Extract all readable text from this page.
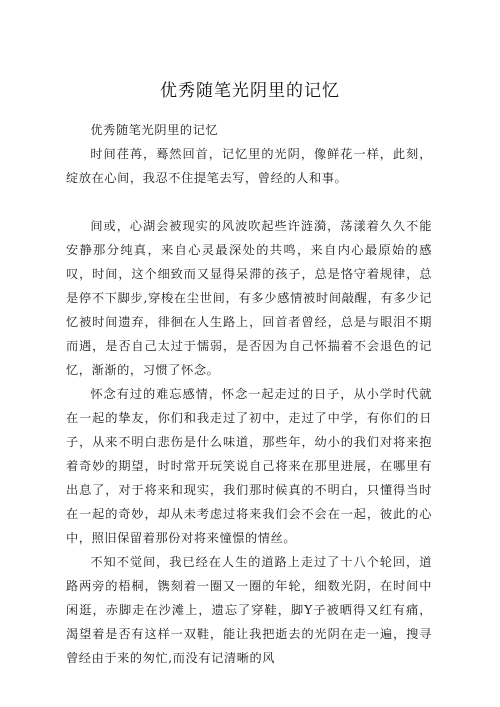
优秀随笔光阴里的记忆

优秀随笔光阴里的记忆

时间荏苒，蓦然回首，记忆里的光阴，像鲜花一样，此刻，绽放在心间，我忍不住提笔去写，曾经的人和事。

间或，心湖会被现实的风波吹起些许涟漪，荡漾着久久不能安静那分纯真，来自心灵最深处的共鸣，来自内心最原始的感叹，时间，这个细致而又显得呆滞的孩子，总是恪守着规律，总是停不下脚步,穿梭在尘世间，有多少感情被时间敲醒，有多少记忆被时间遗弃，徘徊在人生路上，回首者曾经，总是与眼泪不期而遇，是否自己太过于懦弱，是否因为自己怀揣着不会退色的记忆，渐渐的，习惯了怀念。

怀念有过的难忘感情，怀念一起走过的日子，从小学时代就在一起的挚友，你们和我走过了初中，走过了中学，有你们的日子，从来不明白悲伤是什么味道，那些年，幼小的我们对将来抱着奇妙的期望，时时常开玩笑说自己将来在那里进展，在哪里有出息了，对于将来和现实，我们那时候真的不明白，只懂得当时在一起的奇妙，却从未考虑过将来我们会不会在一起，彼此的心中，照旧保留着那份对将来憧憬的情丝。

不知不觉间，我已经在人生的道路上走过了十八个轮回，道路两旁的梧桐，镌刻着一圈又一圈的年轮，细数光阴，在时间中闲逛，赤脚走在沙滩上，遗忘了穿鞋，脚Y子被晒得又红有痛，渴望着是否有这样一双鞋，能让我把逝去的光阴在走一遍，搜寻曾经由于来的匆忙,而没有记清晰的风
